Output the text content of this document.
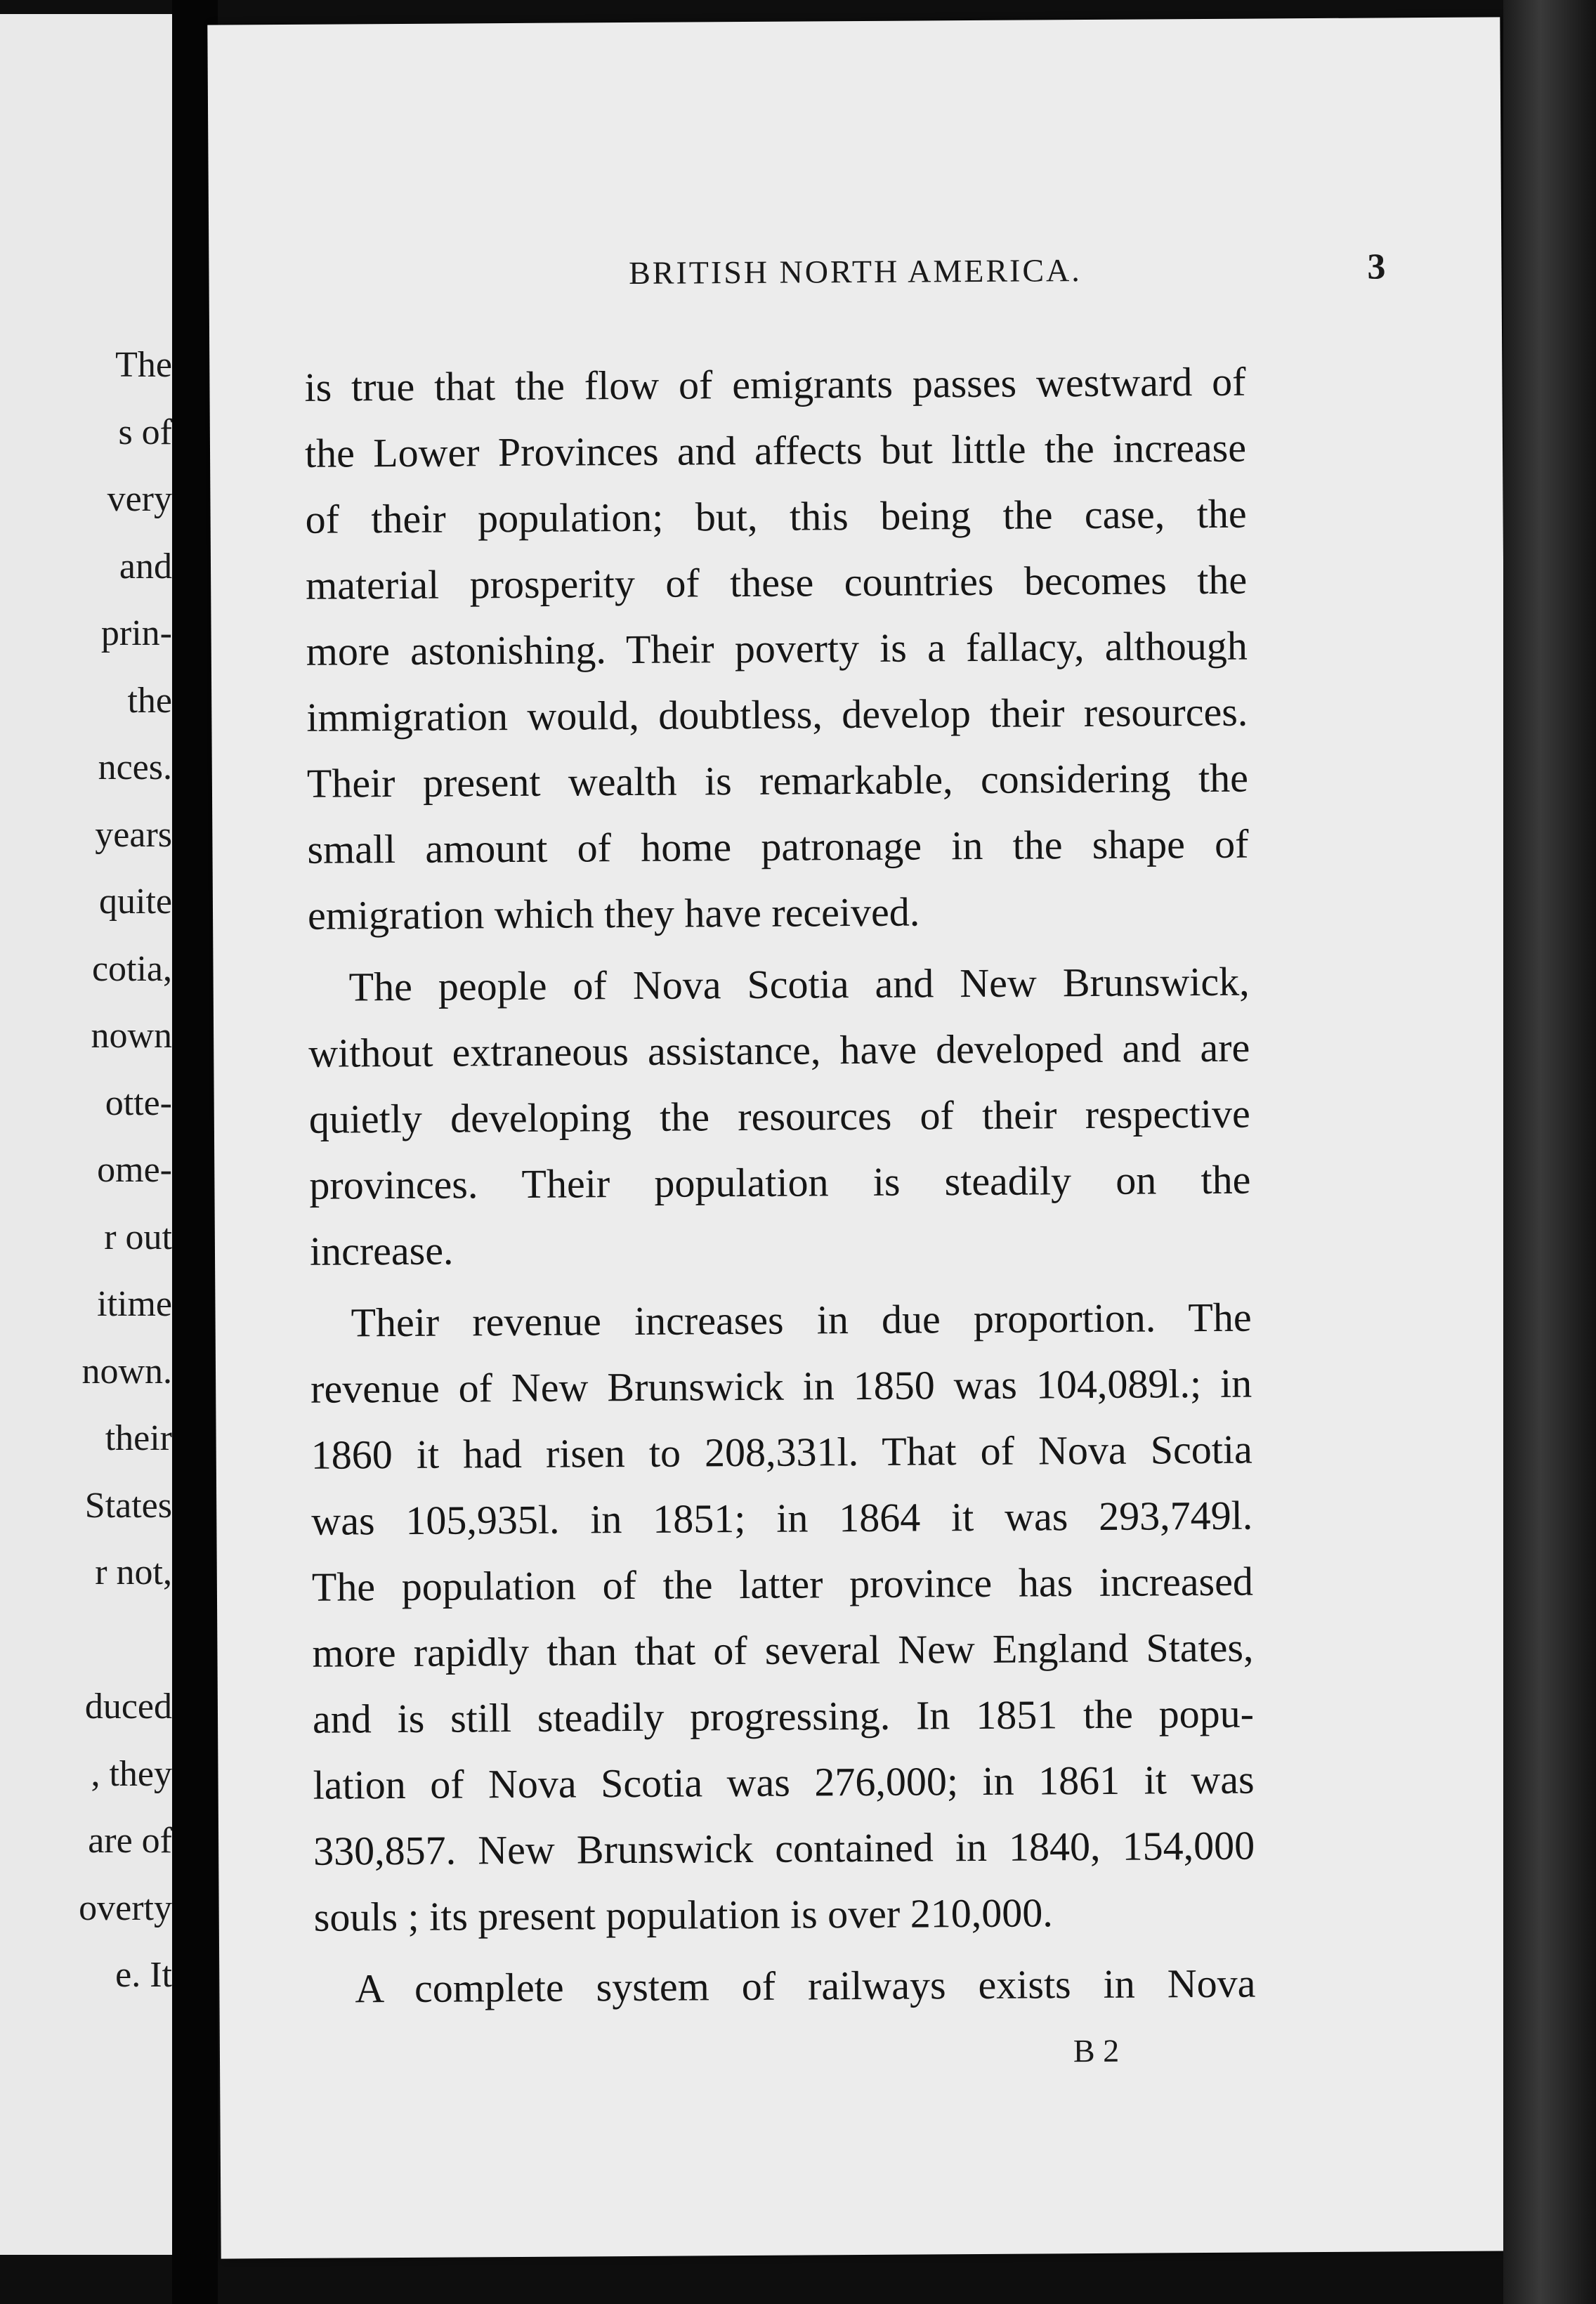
The
s of
very
and
prin-
the
nces.
years
quite
cotia,
nown
otte-
ome-
r out
itime
nown.
their
States
r not,
duced
, they
are of
overty
e. It
BRITISH NORTH AMERICA.	3
is true that the flow of emigrants passes westward of
the Lower Provinces and affects but little the increase
of their population; but, this being the case, the
material prosperity of these countries becomes the
more astonishing. Their poverty is a fallacy, although
immigration would, doubtless, develop their resources.
Their present wealth is remarkable, considering the
small amount of home patronage in the shape of
emigration which they have received.
The people of Nova Scotia and New Brunswick,
without extraneous assistance, have developed and are
quietly developing the resources of their respective
provinces. Their population is steadily on the
increase.
Their revenue increases in due proportion. The
revenue of New Brunswick in 1850 was 104,089l.; in
1860 it had risen to 208,331l. That of Nova Scotia
was 105,935l. in 1851; in 1864 it was 293,749l.
The population of the latter province has increased
more rapidly than that of several New England States,
and is still steadily progressing. In 1851 the popu-
lation of Nova Scotia was 276,000; in 1861 it was
330,857. New Brunswick contained in 1840, 154,000
souls ; its present population is over 210,000.
A complete system of railways exists in Nova
B 2
